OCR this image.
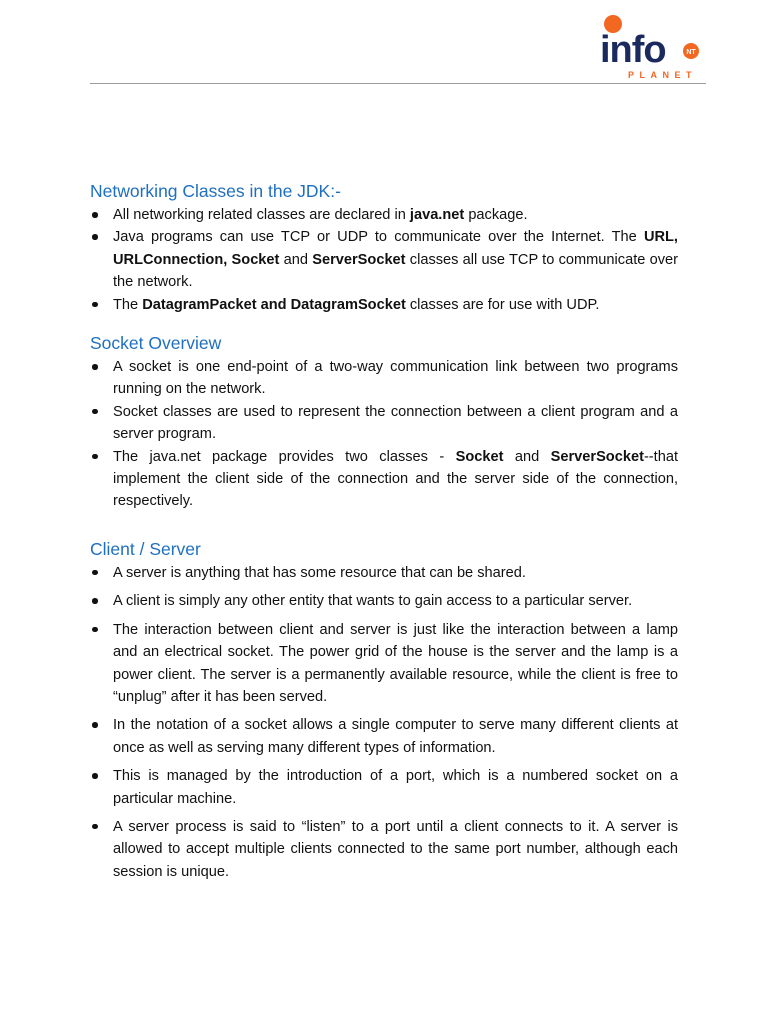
info	NT
PLANET
Networking Classes in the JDK:-
All networking related classes are declared in java.net package.
Java programs can use TCP or UDP to communicate over the Internet. The URL, URLConnection, Socket and ServerSocket classes all use TCP to communicate over the network.
The DatagramPacket and DatagramSocket classes are for use with UDP.
Socket Overview
A socket is one end-point of a two-way communication link between two programs running on the network.
Socket classes are used to represent the connection between a client program and a server program.
The java.net package provides two classes - Socket and ServerSocket--that implement the client side of the connection and the server side of the connection, respectively.
Client / Server
A server is anything that has some resource that can be shared.
A client is simply any other entity that wants to gain access to a particular server.
The interaction between client and server is just like the interaction between a lamp and an electrical socket. The power grid of the house is the server and the lamp is a power client. The server is a permanently available resource, while the client is free to “unplug” after it has been served.
In the notation of a socket allows a single computer to serve many different clients at once as well as serving many different types of information.
This is managed by the introduction of a port, which is a numbered socket on a particular machine.
A server process is said to “listen” to a port until a client connects to it. A server is allowed to accept multiple clients connected to the same port number, although each session is unique.
